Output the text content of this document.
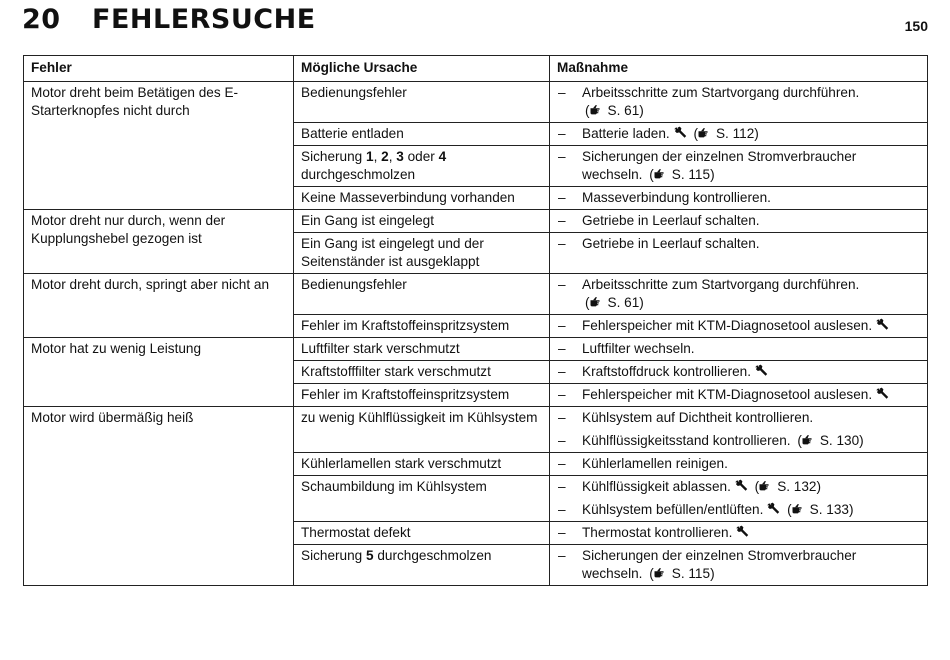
20 FEHLERSUCHE	150
Fehler	Mögliche Ursache	Maßnahme
Motor dreht beim Betätigen des E-Starterknopfes nicht durch	Bedienungsfehler	– Arbeitsschritte zum Startvorgang durchführen. ( S. 61)

	Batterie entladen	– Batterie laden. ( S. 112)

	Sicherung 1, 2, 3 oder 4 durchgeschmolzen	– Sicherungen der einzelnen Stromverbraucher wechseln. ( S. 115)

	Keine Masseverbindung vorhanden	– Masseverbindung kontrollieren.

Motor dreht nur durch, wenn der Kupplungshebel gezogen ist	Ein Gang ist eingelegt	– Getriebe in Leerlauf schalten.

	Ein Gang ist eingelegt und der Seitenständer ist ausgeklappt	– Getriebe in Leerlauf schalten.

Motor dreht durch, springt aber nicht an	Bedienungsfehler	– Arbeitsschritte zum Startvorgang durchführen. ( S. 61)

	Fehler im Kraftstoffeinspritzsystem	– Fehlerspeicher mit KTM-Diagnosetool auslesen.

Motor hat zu wenig Leistung	Luftfilter stark verschmutzt	– Luftfilter wechseln.

	Kraftstofffilter stark verschmutzt	– Kraftstoffdruck kontrollieren.

	Fehler im Kraftstoffeinspritzsystem	– Fehlerspeicher mit KTM-Diagnosetool auslesen.

Motor wird übermäßig heiß	zu wenig Kühlflüssigkeit im Kühlsystem	– Kühlsystem auf Dichtheit kontrollieren.
– Kühlflüssigkeitsstand kontrollieren. ( S. 130)

	Kühlerlamellen stark verschmutzt	– Kühlerlamellen reinigen.

	Schaumbildung im Kühlsystem	– Kühlflüssigkeit ablassen. ( S. 132)
– Kühlsystem befüllen/entlüften. ( S. 133)

	Thermostat defekt	– Thermostat kontrollieren.

	Sicherung 5 durchgeschmolzen	– Sicherungen der einzelnen Stromverbraucher wechseln. ( S. 115)
